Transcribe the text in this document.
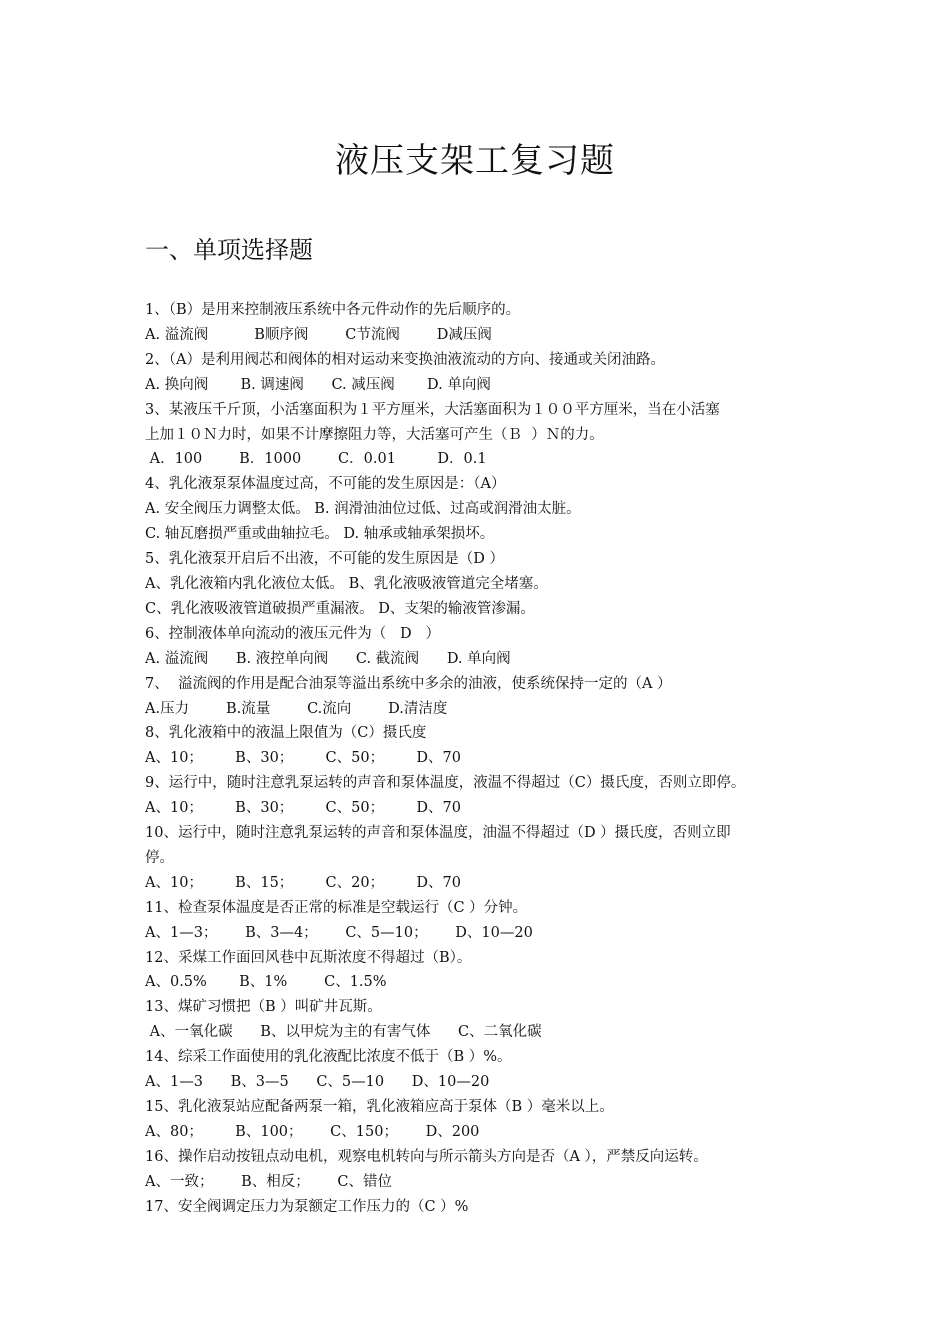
液压支架工复习题
一、单项选择题
1、（B）是用来控制液压系统中各元件动作的先后顺序的。
A. 溢流阀          B顺序阀        C节流阀        D减压阀
2、（A）是利用阀芯和阀体的相对运动来变换油液流动的方向、接通或关闭油路。
A. 换向阀       B. 调速阀      C. 减压阀       D. 单向阀
3、某液压千斤顶，小活塞面积为１平方厘米，大活塞面积为１００平方厘米，当在小活塞
上加１０Ｎ力时，如果不计摩擦阻力等，大活塞可产生（Ｂ  ）Ｎ的力。
A．100        B．1000        C．0.01         D．0.1
4、乳化液泵泵体温度过高，不可能的发生原因是：（A）
A. 安全阀压力调整太低。 B. 润滑油油位过低、过高或润滑油太脏。
C. 轴瓦磨损严重或曲轴拉毛。 D. 轴承或轴承架损坏。
5、乳化液泵开启后不出液，不可能的发生原因是（D ）
A、乳化液箱内乳化液位太低。 B、乳化液吸液管道完全堵塞。
C、乳化液吸液管道破损严重漏液。 D、支架的输液管渗漏。
6、控制液体单向流动的液压元件为（   D   ）
A. 溢流阀      B. 液控单向阀      C. 截流阀      D. 单向阀
7、  溢流阀的作用是配合油泵等溢出系统中多余的油液，使系统保持一定的（A ）
A.压力        B.流量        C.流向        D.清洁度
8、乳化液箱中的液温上限值为（C）摄氏度
A、10；       B、30；       C、50；       D、70
9、运行中，随时注意乳泵运转的声音和泵体温度，液温不得超过（C）摄氏度，否则立即停。
A、10；       B、30；       C、50；       D、70
10、运行中，随时注意乳泵运转的声音和泵体温度，油温不得超过（D ）摄氏度，否则立即
停。
A、10；       B、15；       C、20；       D、70
11、检查泵体温度是否正常的标准是空载运行（C ）分钟。
A、1—3；      B、3—4；      C、5—10；      D、10—20
12、采煤工作面回风巷中瓦斯浓度不得超过（B）。
A、0.5%       B、1%        C、1.5%
13、煤矿习惯把（B ）叫矿井瓦斯。
A、一氧化碳      B、以甲烷为主的有害气体      C、二氧化碳
14、综采工作面使用的乳化液配比浓度不低于（B ）%。
A、1—3      B、3—5      C、5—10      D、10—20
15、乳化液泵站应配备两泵一箱，乳化液箱应高于泵体（B ）毫米以上。
A、80；       B、100；      C、150；      D、200
16、操作启动按钮点动电机，观察电机转向与所示箭头方向是否（A ），严禁反向运转。
A、一致；      B、相反；      C、错位
17、安全阀调定压力为泵额定工作压力的（C ）%
